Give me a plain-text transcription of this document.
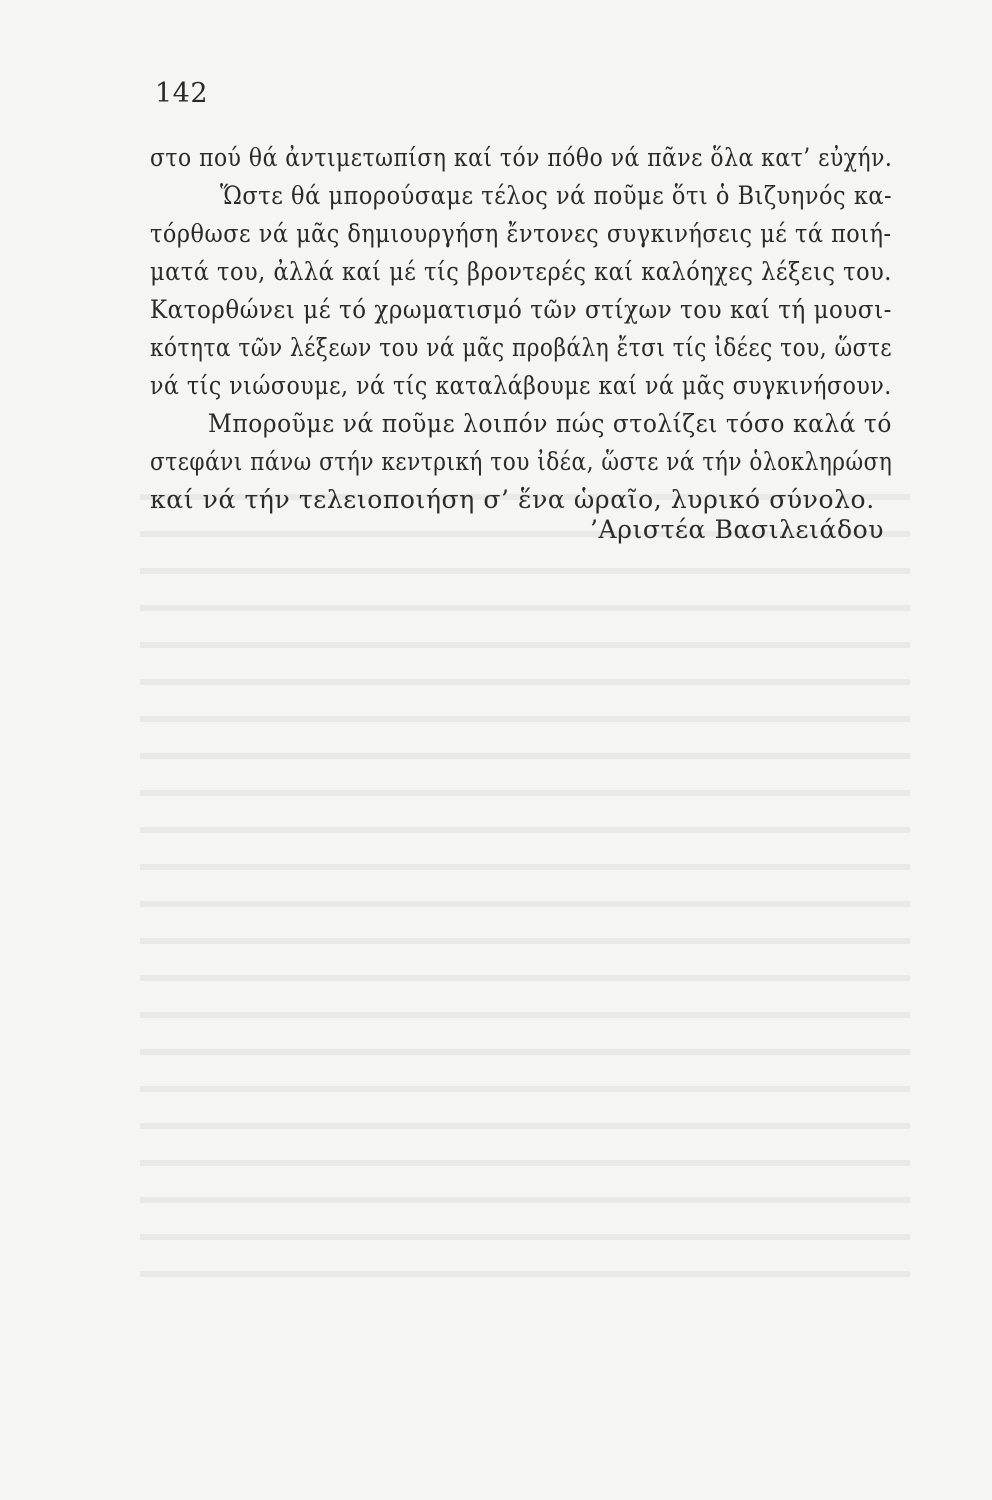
142
στο πού θά ἀντιμετωπίση καί τόν πόθο νά πᾶνε ὅλα κατ’ εὐχήν.
Ὥστε θά μπορούσαμε τέλος νά ποῦμε ὅτι ὁ Βιζυηνός κα-
τόρθωσε νά μᾶς δημιουργήση ἔντονες συγκινήσεις μέ τά ποιή-
ματά του, ἀλλά καί μέ τίς βροντερές καί καλόηχες λέξεις του.
Κατορθώνει μέ τό χρωματισμό τῶν στίχων του καί τή μουσι-
κότητα τῶν λέξεων του νά μᾶς προβάλη ἔτσι τίς ἰδέες του, ὥστε
νά τίς νιώσουμε, νά τίς καταλάβουμε καί νά μᾶς συγκινήσουν.
Μποροῦμε νά ποῦμε λοιπόν πώς στολίζει τόσο καλά τό
στεφάνι πάνω στήν κεντρική του ἰδέα, ὥστε νά τήν ὁλοκληρώση
καί νά τήν τελειοποιήση σ’ ἕνα ὡραῖο, λυρικό σύνολο.
’Αριστέα Βασιλειάδου
